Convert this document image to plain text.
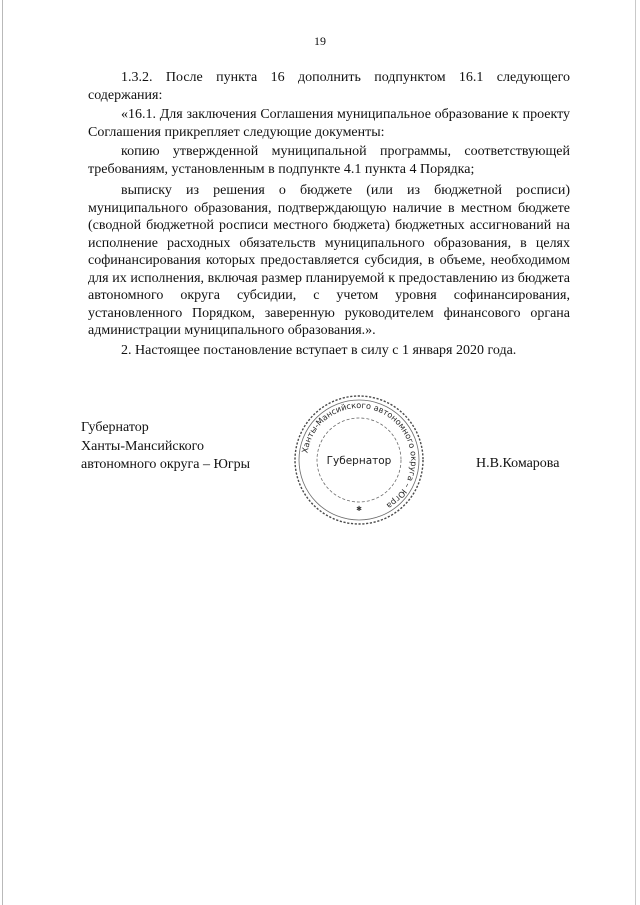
19

1.3.2. После пункта 16 дополнить подпунктом 16.1 следующего содержания:

«16.1. Для заключения Соглашения муниципальное образование к проекту Соглашения прикрепляет следующие документы:

копию утвержденной муниципальной программы, соответствующей требованиям, установленным в подпункте 4.1 пункта 4 Порядка;

выписку из решения о бюджете (или из бюджетной росписи) муниципального образования, подтверждающую наличие в местном бюджете (сводной бюджетной росписи местного бюджета) бюджетных ассигнований на исполнение расходных обязательств муниципального образования, в целях софинансирования которых предоставляется субсидия, в объеме, необходимом для их исполнения, включая размер планируемой к предоставлению из бюджета автономного округа субсидии, с учетом уровня софинансирования, установленного Порядком, заверенную руководителем финансового органа администрации муниципального образования.».

2. Настоящее постановление вступает в силу с 1 января 2020 года.

Губернатор
Ханты-Мансийского
автономного округа – Югры
Ханты-Мансийского автономного округа – Югра
Губернатор
✱
Н.В.Комарова
